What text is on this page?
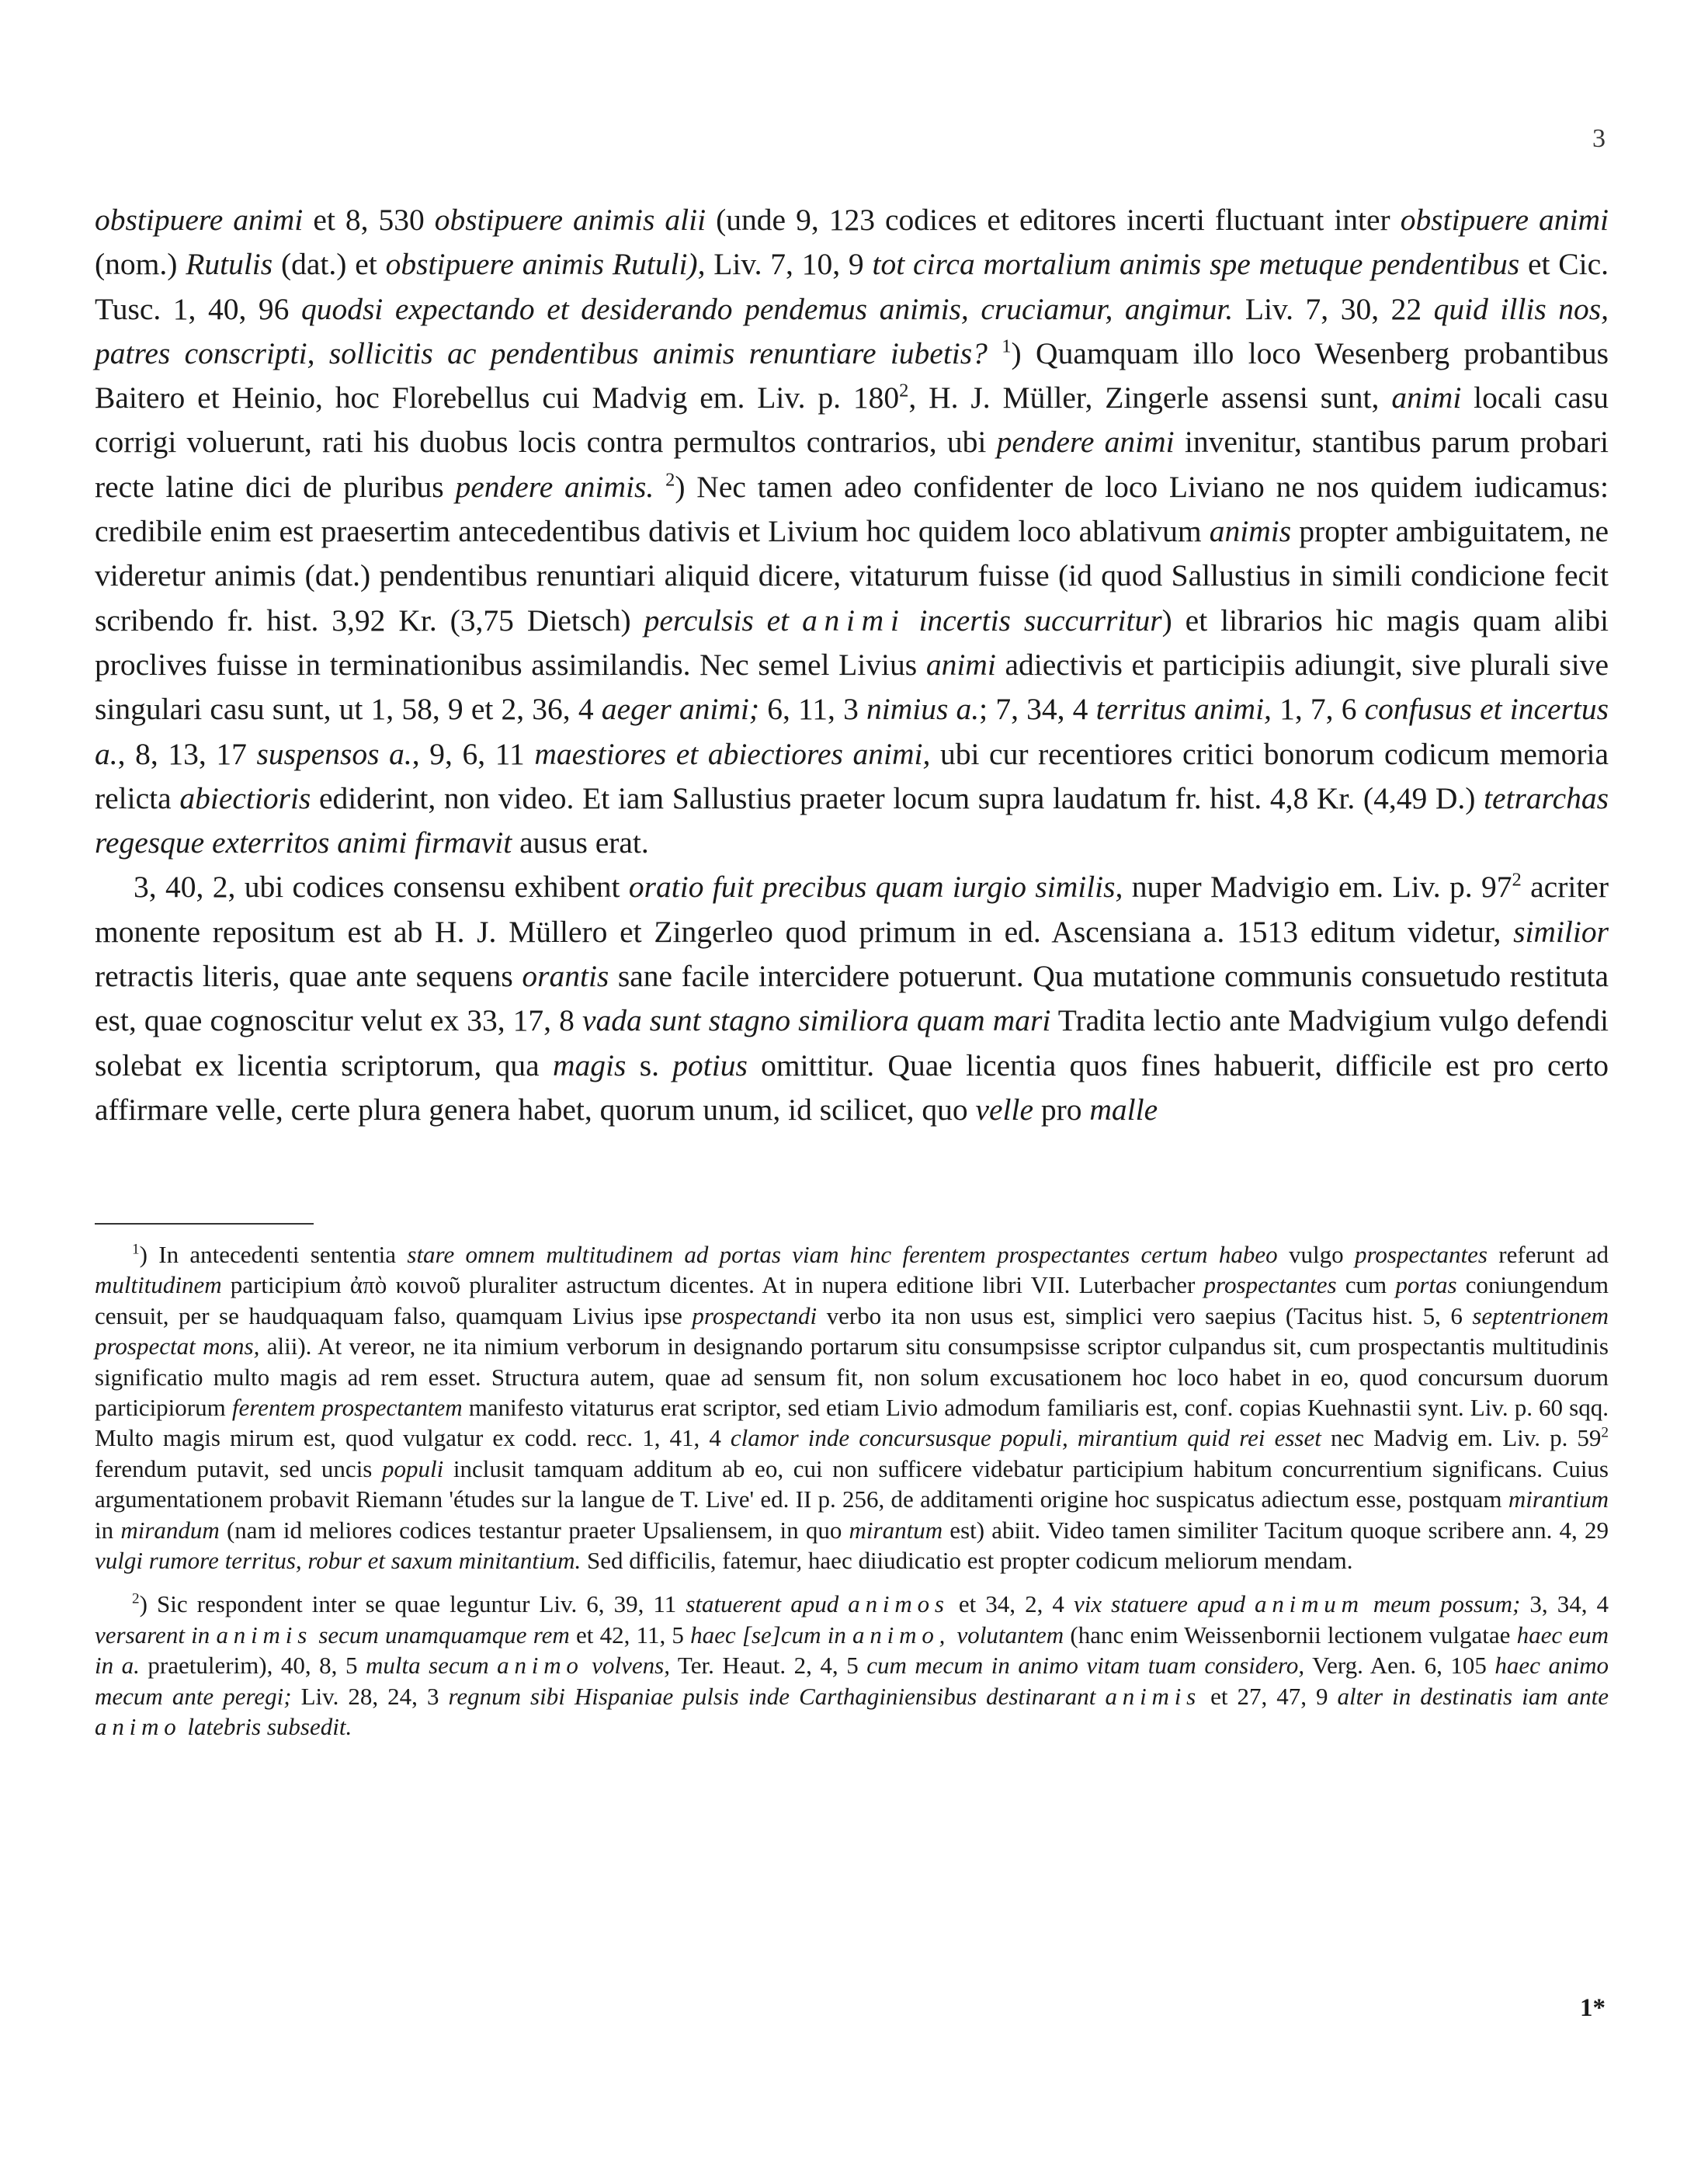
3

obstipuere animi et 8, 530 obstipuere animis alii (unde 9, 123 codices et editores incerti fluctuant inter obstipuere animi (nom.) Rutulis (dat.) et obstipuere animis Rutuli), Liv. 7, 10, 9 tot circa mortalium animis spe metuque pendentibus et Cic. Tusc. 1, 40, 96 quodsi expectando et desiderando pendemus animis, cruciamur, angimur. Liv. 7, 30, 22 quid illis nos, patres conscripti, sollicitis ac pendentibus animis renuntiare iubetis? $^1$) Quamquam illo loco Wesenberg probantibus Baitero et Heinio, hoc Florebellus cui Madvig em. Liv. p. $180^2$, H. J. Müller, Zingerle assensi sunt, animi locali casu corrigi voluerunt, rati his duobus locis contra permultos contrarios, ubi pendere animi invenitur, stantibus parum probari recte latine dici de pluribus pendere animis. $^2$) Nec tamen adeo confidenter de loco Liviano ne nos quidem iudicamus: credibile enim est praesertim antecedentibus dativis et Livium hoc quidem loco ablativum animis propter ambiguitatem, ne videretur animis (dat.) pendentibus renuntiari aliquid dicere, vitaturum fuisse (id quod Sallustius in simili condicione fecit scribendo fr. hist. 3,92 Kr. (3,75 Dietsch) perculsis et animi incertis succurritur) et librarios hic magis quam alibi proclives fuisse in terminationibus assimilandis. Nec semel Livius animi adiectivis et participiis adiungit, sive plurali sive singulari casu sunt, ut 1, 58, 9 et 2, 36, 4 aeger animi; 6, 11, 3 nimius a.; 7, 34, 4 territus animi, 1, 7, 6 confusus et incertus a., 8, 13, 17 suspensos a., 9, 6, 11 maestiores et abiectiores animi, ubi cur recentiores critici bonorum codicum memoria relicta abiectioris ediderint, non video. Et iam Sallustius praeter locum supra laudatum fr. hist. 4,8 Kr. (4,49 D.) tetrarchas regesque exterritos animi firmavit ausus erat.

3, 40, 2, ubi codices consensu exhibent oratio fuit precibus quam iurgio similis, nuper Madvigio em. Liv. p. $97^2$ acriter monente repositum est ab H. J. Müllero et Zingerleo quod primum in ed. Ascensiana a. 1513 editum videtur, similior retractis literis, quae ante sequens orantis sane facile intercidere potuerunt. Qua mutatione communis consuetudo restituta est, quae cognoscitur velut ex 33, 17, 8 vada sunt stagno similiora quam mari Tradita lectio ante Madvigium vulgo defendi solebat ex licentia scriptorum, qua magis s. potius omittitur. Quae licentia quos fines habuerit, difficile est pro certo affirmare velle, certe plura genera habet, quorum unum, id scilicet, quo velle pro malle

$^1$) In antecedenti sententia stare omnem multitudinem ad portas viam hinc ferentem prospectantes certum habeo vulgo prospectantes referunt ad multitudinem participium ἀπὸ κοινοῦ pluraliter astructum dicentes. At in nupera editione libri VII. Luterbacher prospectantes cum portas coniungendum censuit, per se haudquaquam falso, quamquam Livius ipse prospectandi verbo ita non usus est, simplici vero saepius (Tacitus hist. 5, 6 septentrionem prospectat mons, alii). At vereor, ne ita nimium verborum in designando portarum situ consumpsisse scriptor culpandus sit, cum prospectantis multitudinis significatio multo magis ad rem esset. Structura autem, quae ad sensum fit, non solum excusationem hoc loco habet in eo, quod concursum duorum participiorum ferentem prospectantem manifesto vitaturus erat scriptor, sed etiam Livio admodum familiaris est, conf. copias Kuehnastii synt. Liv. p. 60 sqq. Multo magis mirum est, quod vulgatur ex codd. recc. 1, 41, 4 clamor inde concursusque populi, mirantium quid rei esset nec Madvig em. Liv. p. $59^2$ ferendum putavit, sed uncis populi inclusit tamquam additum ab eo, cui non sufficere videbatur participium habitum concurrentium significans. Cuius argumentationem probavit Riemann 'études sur la langue de T. Live' ed. II p. 256, de additamenti origine hoc suspicatus adiectum esse, postquam mirantium in mirandum (nam id meliores codices testantur praeter Upsaliensem, in quo mirantum est) abiit. Video tamen similiter Tacitum quoque scribere ann. 4, 29 vulgi rumore territus, robur et saxum minitantium. Sed difficilis, fatemur, haec diiudicatio est propter codicum meliorum mendam.

$^2$) Sic respondent inter se quae leguntur Liv. 6, 39, 11 statuerent apud animos et 34, 2, 4 vix statuere apud animum meum possum; 3, 34, 4 versarent in animis secum unamquamque rem et 42, 11, 5 haec [se]cum in animo, volutantem (hanc enim Weissenbornii lectionem vulgatae haec eum in a. praetulerim), 40, 8, 5 multa secum animo volvens, Ter. Heaut. 2, 4, 5 cum mecum in animo vitam tuam considero, Verg. Aen. 6, 105 haec animo mecum ante peregi; Liv. 28, 24, 3 regnum sibi Hispaniae pulsis inde Carthaginiensibus destinarant animis et 27, 47, 9 alter in destinatis iam ante animo latebris subsedit.

1*
